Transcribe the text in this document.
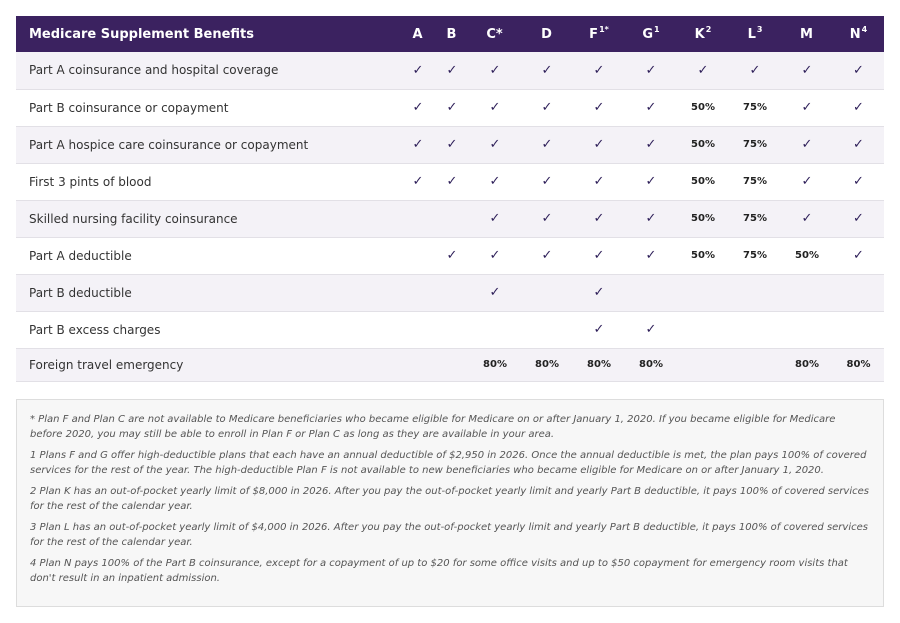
Medicare Supplement Benefits	A	B	C*	D	$F^{1*}$	$G^1$	$K^2$	$L^3$	M	$N^4$
Part A coinsurance and hospital coverage	✓	✓	✓	✓	✓	✓	✓	✓	✓	✓
Part B coinsurance or copayment	✓	✓	✓	✓	✓	✓	50%	75%	✓	✓
Part A hospice care coinsurance or copayment	✓	✓	✓	✓	✓	✓	50%	75%	✓	✓
First 3 pints of blood	✓	✓	✓	✓	✓	✓	50%	75%	✓	✓
Skilled nursing facility coinsurance			✓	✓	✓	✓	50%	75%	✓	✓
Part A deductible		✓	✓	✓	✓	✓	50%	75%	50%	✓
Part B deductible			✓		✓					
Part B excess charges					✓	✓				
Foreign travel emergency			80%	80%	80%	80%			80%	80%

* Plan F and Plan C are not available to Medicare beneficiaries who became eligible for Medicare on or after January 1, 2020. If you became eligible for Medicare before 2020, you may still be able to enroll in Plan F or Plan C as long as they are available in your area.

1 Plans F and G offer high-deductible plans that each have an annual deductible of $2,950 in 2026. Once the annual deductible is met, the plan pays 100% of covered services for the rest of the year. The high-deductible Plan F is not available to new beneficiaries who became eligible for Medicare on or after January 1, 2020.

2 Plan K has an out-of-pocket yearly limit of $8,000 in 2026. After you pay the out-of-pocket yearly limit and yearly Part B deductible, it pays 100% of covered services for the rest of the calendar year.

3 Plan L has an out-of-pocket yearly limit of $4,000 in 2026. After you pay the out-of-pocket yearly limit and yearly Part B deductible, it pays 100% of covered services for the rest of the calendar year.

4 Plan N pays 100% of the Part B coinsurance, except for a copayment of up to $20 for some office visits and up to $50 copayment for emergency room visits that don't result in an inpatient admission.
